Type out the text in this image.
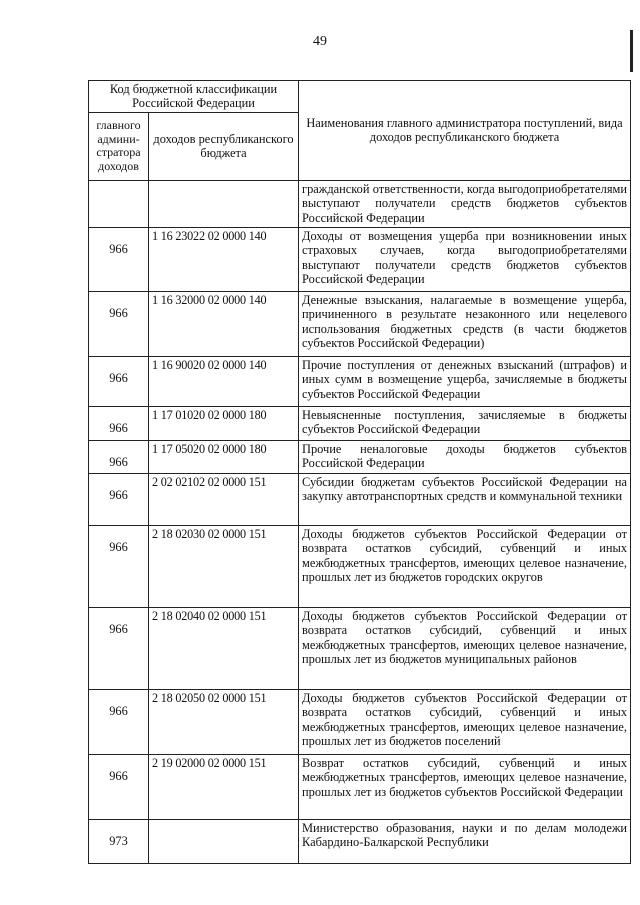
49
Код бюджетной классификации Российской Федерации		Наименования главного администратора поступлений, вида доходов республиканского бюджета
главного админи-стратора доходов	доходов республиканского бюджета	
		гражданской ответственности, когда выгодоприобретателями выступают получатели средств бюджетов субъектов Российской Федерации
966	1 16 23022 02 0000 140	Доходы от возмещения ущерба при возникновении иных страховых случаев, когда выгодоприобретателями выступают получатели средств бюджетов субъектов Российской Федерации
966	1 16 32000 02 0000 140	Денежные взыскания, налагаемые в возмещение ущерба, причиненного в результате незаконного или нецелевого использования бюджетных средств (в части бюджетов субъектов Российской Федерации)
966	1 16 90020 02 0000 140	Прочие поступления от денежных взысканий (штрафов) и иных сумм в возмещение ущерба, зачисляемые в бюджеты субъектов Российской Федерации
966	1 17 01020 02 0000 180	Невыясненные поступления, зачисляемые в бюджеты субъектов Российской Федерации
966	1 17 05020 02 0000 180	Прочие неналоговые доходы бюджетов субъектов Российской Федерации
966	2 02 02102 02 0000 151	Субсидии бюджетам субъектов Российской Федерации на закупку автотранспортных средств и коммунальной техники
966	2 18 02030 02 0000 151	Доходы бюджетов субъектов Российской Федерации от возврата остатков субсидий, субвенций и иных межбюджетных трансфертов, имеющих целевое назначение, прошлых лет из бюджетов городских округов
966	2 18 02040 02 0000 151	Доходы бюджетов субъектов Российской Федерации от возврата остатков субсидий, субвенций и иных межбюджетных трансфертов, имеющих целевое назначение, прошлых лет из бюджетов муниципальных районов
966	2 18 02050 02 0000 151	Доходы бюджетов субъектов Российской Федерации от возврата остатков субсидий, субвенций и иных межбюджетных трансфертов, имеющих целевое назначение, прошлых лет из бюджетов поселений
966	2 19 02000 02 0000 151	Возврат остатков субсидий, субвенций и иных межбюджетных трансфертов, имеющих целевое назначение, прошлых лет из бюджетов субъектов Российской Федерации
973		Министерство образования, науки и по делам молодежи Кабардино-Балкарской Республики
